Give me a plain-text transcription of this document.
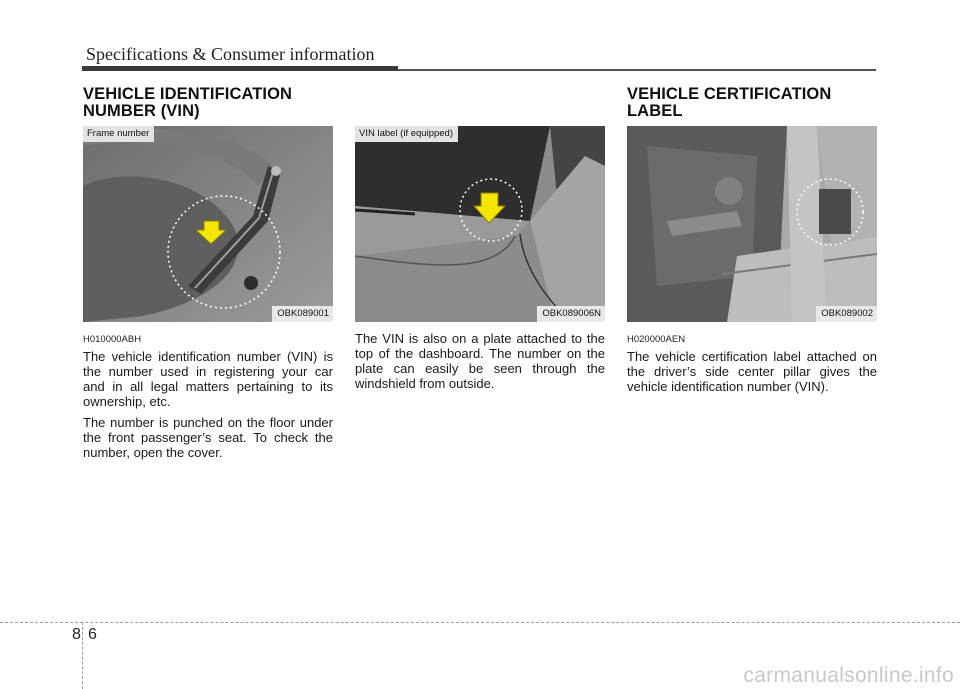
Specifications & Consumer information
VEHICLE IDENTIFICATION
NUMBER (VIN)
Frame number
OBK089001
H010000ABH

The vehicle identification number (VIN) is the number used in registering your car and in all legal matters pertaining to its ownership, etc.

The number is punched on the floor under the front passenger’s seat. To check the number, open the cover.

VIN label (if equipped)
OBK089006N

The VIN is also on a plate attached to the top of the dashboard. The number on the plate can easily be seen through the windshield from outside.

VEHICLE CERTIFICATION
LABEL
OBK089002
H020000AEN

The vehicle certification label attached on the driver’s side center pillar gives the vehicle identification number (VIN).

8 6
carmanualsonline.info
